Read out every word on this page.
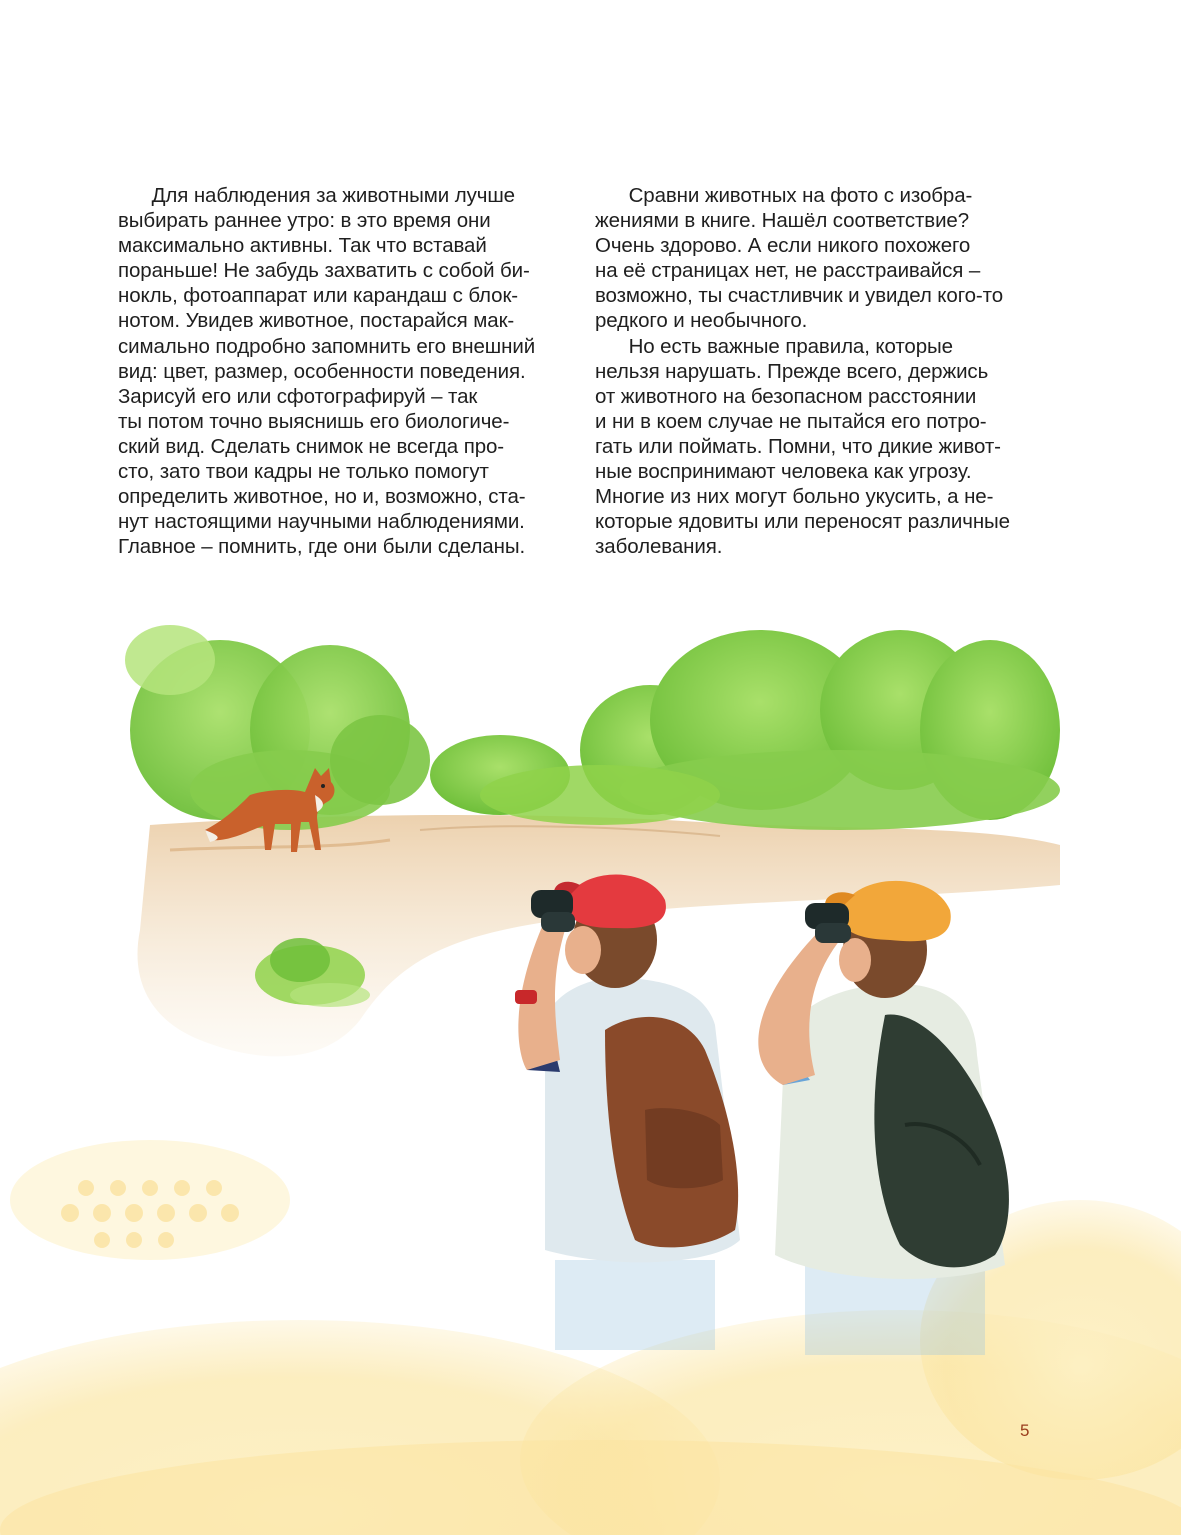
Для наблюдения за животными лучше
выбирать раннее утро: в это время они
максимально активны. Так что вставай
пораньше! Не забудь захватить с собой би-
нокль, фотоаппарат или карандаш с блок-
нотом. Увидев животное, постарайся мак-
симально подробно запомнить его внешний
вид: цвет, размер, особенности поведения.
Зарисуй его или сфотографируй – так
ты потом точно выяснишь его биологиче-
ский вид. Сделать снимок не всегда про-
сто, зато твои кадры не только помогут
определить животное, но и, возможно, ста-
нут настоящими научными наблюдениями.
Главное – помнить, где они были сделаны.
Сравни животных на фото с изобра-
жениями в книге. Нашёл соответствие?
Очень здорово. А если никого похожего
на её страницах нет, не расстраивайся –
возможно, ты счастливчик и увидел кого-то
редкого и необычного.
Но есть важные правила, которые
нельзя нарушать. Прежде всего, держись
от животного на безопасном расстоянии
и ни в коем случае не пытайся его потро-
гать или поймать. Помни, что дикие живот-
ные воспринимают человека как угрозу.
Многие из них могут больно укусить, а не-
которые ядовиты или переносят различные
заболевания.
5
